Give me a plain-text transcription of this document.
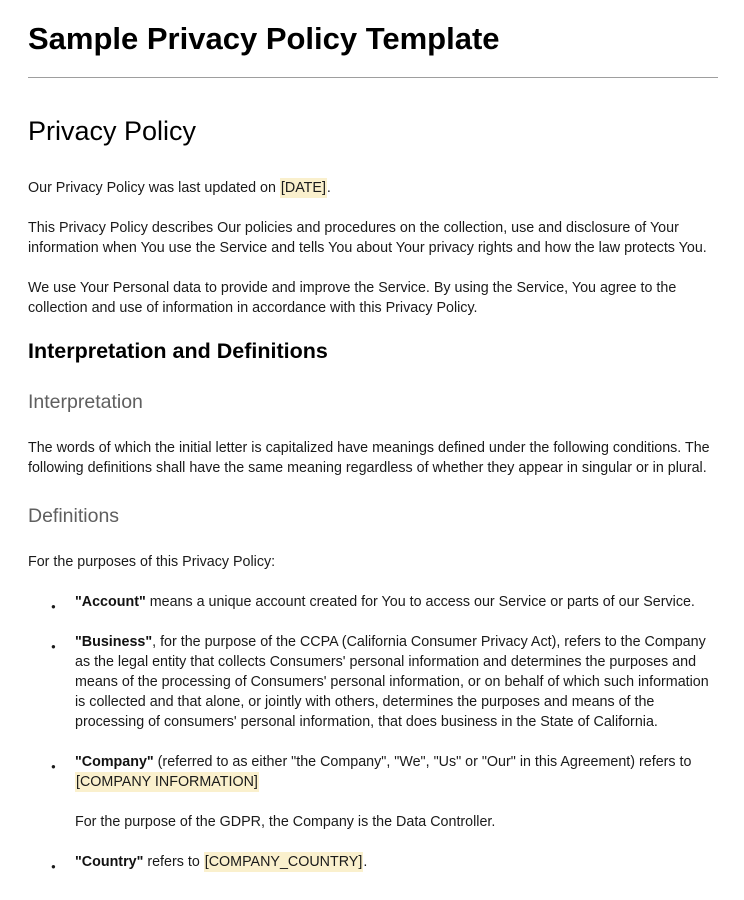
Sample Privacy Policy Template
Privacy Policy

Our Privacy Policy was last updated on [DATE].

This Privacy Policy describes Our policies and procedures on the collection, use and disclosure of Your information when You use the Service and tells You about Your privacy rights and how the law protects You.

We use Your Personal data to provide and improve the Service. By using the Service, You agree to the collection and use of information in accordance with this Privacy Policy.

Interpretation and Definitions
Interpretation

The words of which the initial letter is capitalized have meanings defined under the following conditions. The following definitions shall have the same meaning regardless of whether they appear in singular or in plural.

Definitions

For the purposes of this Privacy Policy:

● "Account" means a unique account created for You to access our Service or parts of our Service.
● "Business", for the purpose of the CCPA (California Consumer Privacy Act), refers to the Company as the legal entity that collects Consumers' personal information and determines the purposes and means of the processing of Consumers' personal information, or on behalf of which such information is collected and that alone, or jointly with others, determines the purposes and means of the processing of consumers' personal information, that does business in the State of California.
● "Company" (referred to as either "the Company", "We", "Us" or "Our" in this Agreement) refers to [COMPANY INFORMATION]
For the purpose of the GDPR, the Company is the Data Controller.
● "Country" refers to [COMPANY_COUNTRY].
